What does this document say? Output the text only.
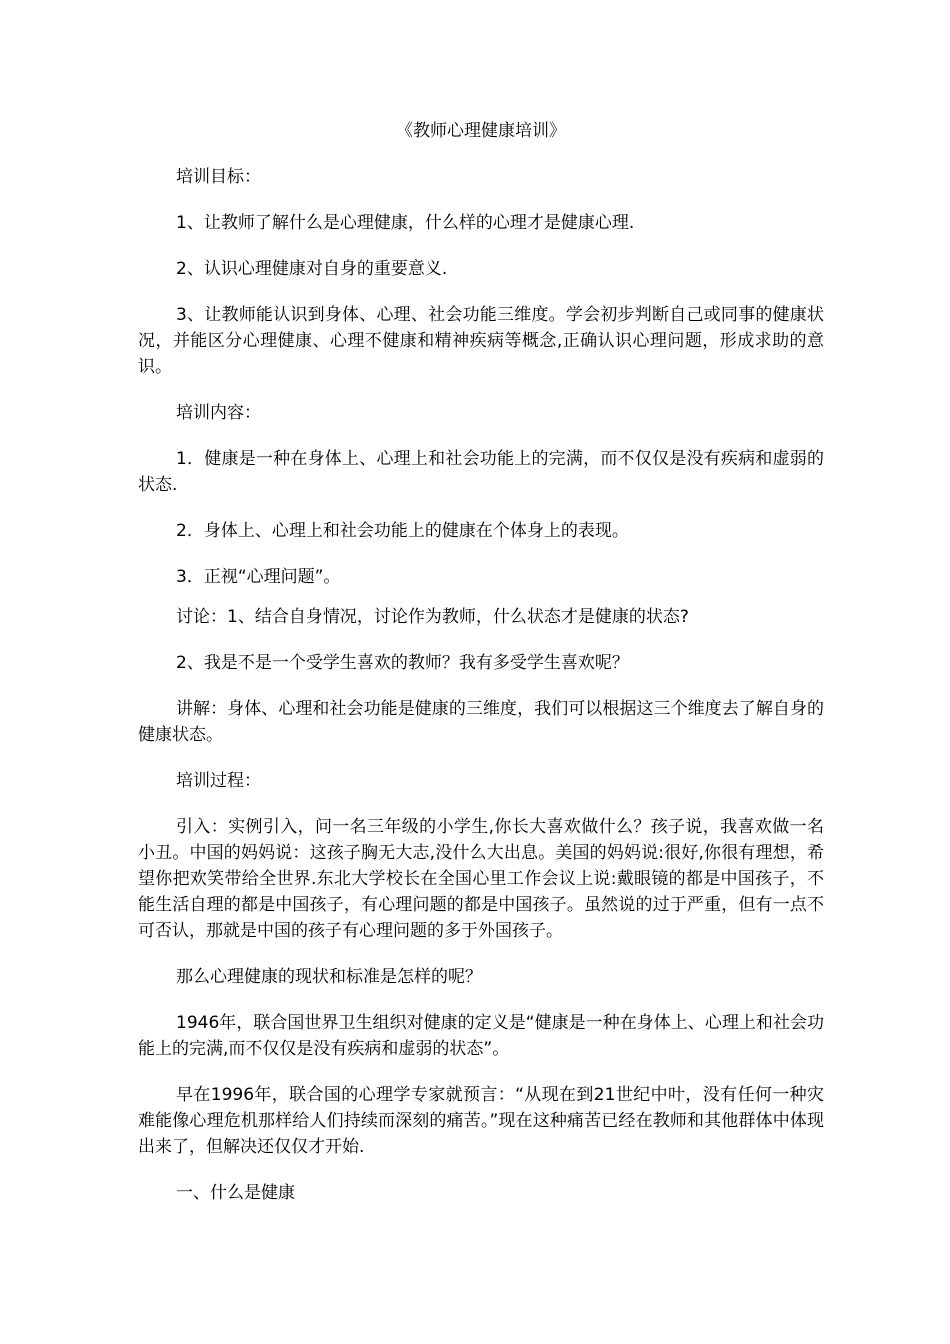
《教师心理健康培训》

培训目标：

1、让教师了解什么是心理健康，什么样的心理才是健康心理.

2、认识心理健康对自身的重要意义.

3、让教师能认识到身体、心理、社会功能三维度。学会初步判断自己或同事的健康状况，并能区分心理健康、心理不健康和精神疾病等概念,正确认识心理问题，形成求助的意识。

培训内容：

1．健康是一种在身体上、心理上和社会功能上的完满，而不仅仅是没有疾病和虚弱的状态.

2．身体上、心理上和社会功能上的健康在个体身上的表现。

3．正视“心理问题”。

讨论：1、结合自身情况，讨论作为教师，什么状态才是健康的状态?

2、我是不是一个受学生喜欢的教师？我有多受学生喜欢呢？

讲解：身体、心理和社会功能是健康的三维度，我们可以根据这三个维度去了解自身的健康状态。

培训过程：

引入：实例引入，问一名三年级的小学生,你长大喜欢做什么？孩子说，我喜欢做一名小丑。中国的妈妈说：这孩子胸无大志,没什么大出息。美国的妈妈说:很好,你很有理想，希望你把欢笑带给全世界.东北大学校长在全国心里工作会议上说:戴眼镜的都是中国孩子，不能生活自理的都是中国孩子，有心理问题的都是中国孩子。虽然说的过于严重，但有一点不可否认，那就是中国的孩子有心理问题的多于外国孩子。

那么心理健康的现状和标准是怎样的呢？

1946年，联合国世界卫生组织对健康的定义是“健康是一种在身体上、心理上和社会功能上的完满,而不仅仅是没有疾病和虚弱的状态”。

早在1996年，联合国的心理学专家就预言：“从现在到21世纪中叶，没有任何一种灾难能像心理危机那样给人们持续而深刻的痛苦。”现在这种痛苦已经在教师和其他群体中体现出来了，但解决还仅仅才开始.

一、什么是健康
